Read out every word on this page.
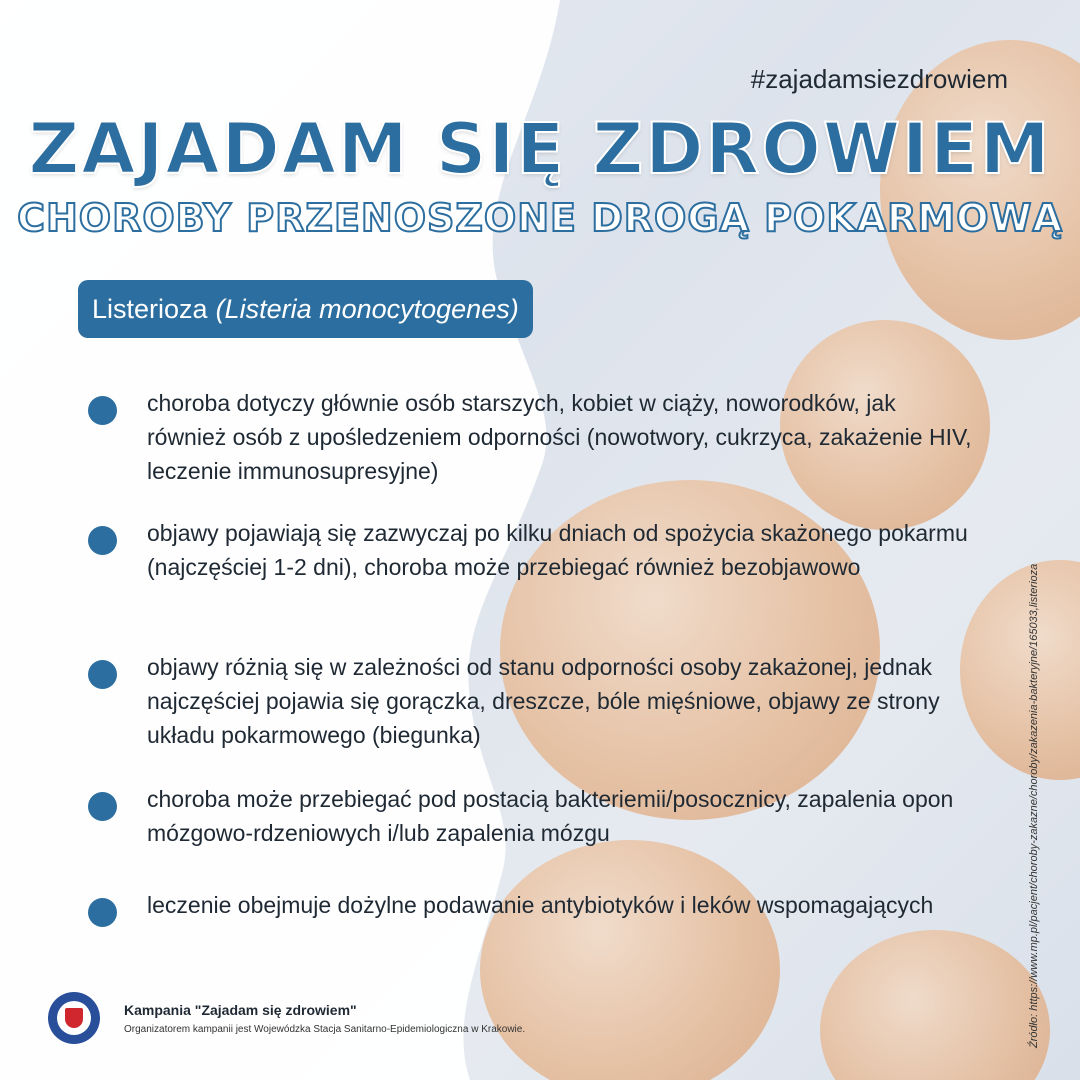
#zajadamsiezdrowiem
ZAJADAM SIĘ ZDROWIEM
CHOROBY PRZENOSZONE DROGĄ POKARMOWĄ
Listerioza (Listeria monocytogenes)
choroba dotyczy głównie osób starszych, kobiet w ciąży, noworodków, jak również osób z upośledzeniem odporności (nowotwory, cukrzyca, zakażenie HIV, leczenie immunosupresyjne)
objawy pojawiają się zazwyczaj po kilku dniach od spożycia skażonego pokarmu (najczęściej 1-2 dni), choroba może przebiegać również bezobjawowo
objawy różnią się w zależności od stanu odporności osoby zakażonej, jednak najczęściej pojawia się gorączka, dreszcze, bóle mięśniowe, objawy ze strony układu pokarmowego (biegunka)
choroba może przebiegać pod postacią bakteriemii/posocznicy, zapalenia opon mózgowo-rdzeniowych i/lub zapalenia mózgu
leczenie obejmuje dożylne podawanie antybiotyków i leków wspomagających	Źródło: https://www.mp.pl/pacjent/choroby-zakazne/choroby/zakazenia-bakteryjne/165033,listerioza
Kampania "Zajadam się zdrowiem"
Organizatorem kampanii jest Wojewódzka Stacja Sanitarno-Epidemiologiczna w Krakowie.
